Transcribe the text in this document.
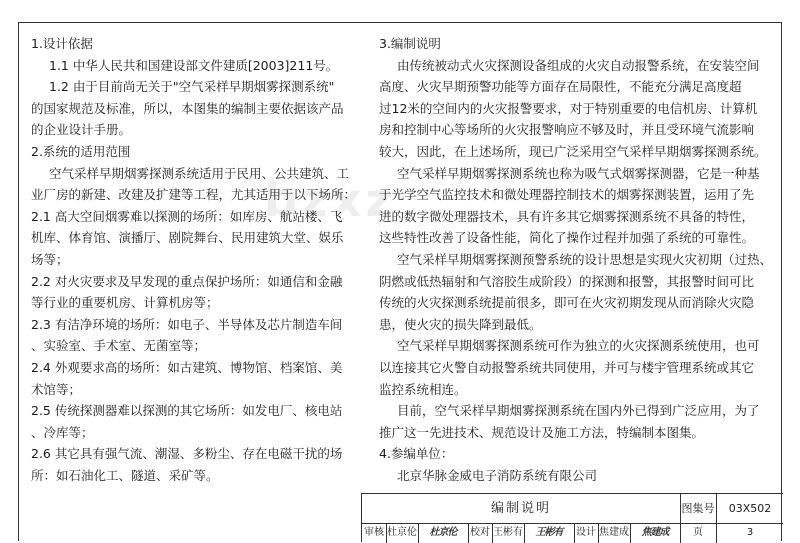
bzxz
1.设计依据
1.1 中华人民共和国建设部文件建质[2003]211号。
1.2 由于目前尚无关于"空气采样早期烟雾探测系统"
的国家规范及标准，所以，本图集的编制主要依据该产品
的企业设计手册。
2.系统的适用范围
空气采样早期烟雾探测系统适用于民用、公共建筑、工
业厂房的新建、改建及扩建等工程，尤其适用于以下场所：
2.1 高大空间烟雾难以探测的场所：如库房、航站楼、飞
机库、体育馆、演播厅、剧院舞台、民用建筑大堂、娱乐
场等；
2.2 对火灾要求及早发现的重点保护场所：如通信和金融
等行业的重要机房、计算机房等；
2.3 有洁净环境的场所：如电子、半导体及芯片制造车间
、实验室、手术室、无菌室等；
2.4 外观要求高的场所：如古建筑、博物馆、档案馆、美
术馆等；
2.5 传统探测器难以探测的其它场所：如发电厂、核电站
、冷库等；
2.6 其它具有强气流、潮湿、多粉尘、存在电磁干扰的场
所：如石油化工、隧道、采矿等。
3.编制说明
由传统被动式火灾探测设备组成的火灾自动报警系统，在安装空间
高度、火灾早期预警功能等方面存在局限性，不能充分满足高度超
过12米的空间内的火灾报警要求，对于特别重要的电信机房、计算机
房和控制中心等场所的火灾报警响应不够及时，并且受环境气流影响
较大，因此，在上述场所，现已广泛采用空气采样早期烟雾探测系统。
空气采样早期烟雾探测系统也称为吸气式烟雾探测器，它是一种基
于光学空气监控技术和微处理器控制技术的烟雾探测装置，运用了先
进的数字微处理器技术，具有许多其它烟雾探测系统不具备的特性，
这些特性改善了设备性能，简化了操作过程并加强了系统的可靠性。
空气采样早期烟雾探测预警系统的设计思想是实现火灾初期（过热、
阴燃或低热辐射和气溶胶生成阶段）的探测和报警，其报警时间可比
传统的火灾探测系统提前很多，即可在火灾初期发现从而消除火灾隐
患，使火灾的损失降到最低。
空气采样早期烟雾探测系统可作为独立的火灾探测系统使用，也可
以连接其它火警自动报警系统共同使用，并可与楼宇管理系统或其它
监控系统相连。
目前，空气采样早期烟雾探测系统在国内外已得到广泛应用，为了
推广这一先进技术、规范设计及施工方法，特编制本图集。
4.参编单位：
北京华脉金威电子消防系统有限公司
编制说明	图集号	03X502
审核 杜京伦	杜京伦	校对 王彬有	王彬有	设计 焦建成	焦建成	页	3
